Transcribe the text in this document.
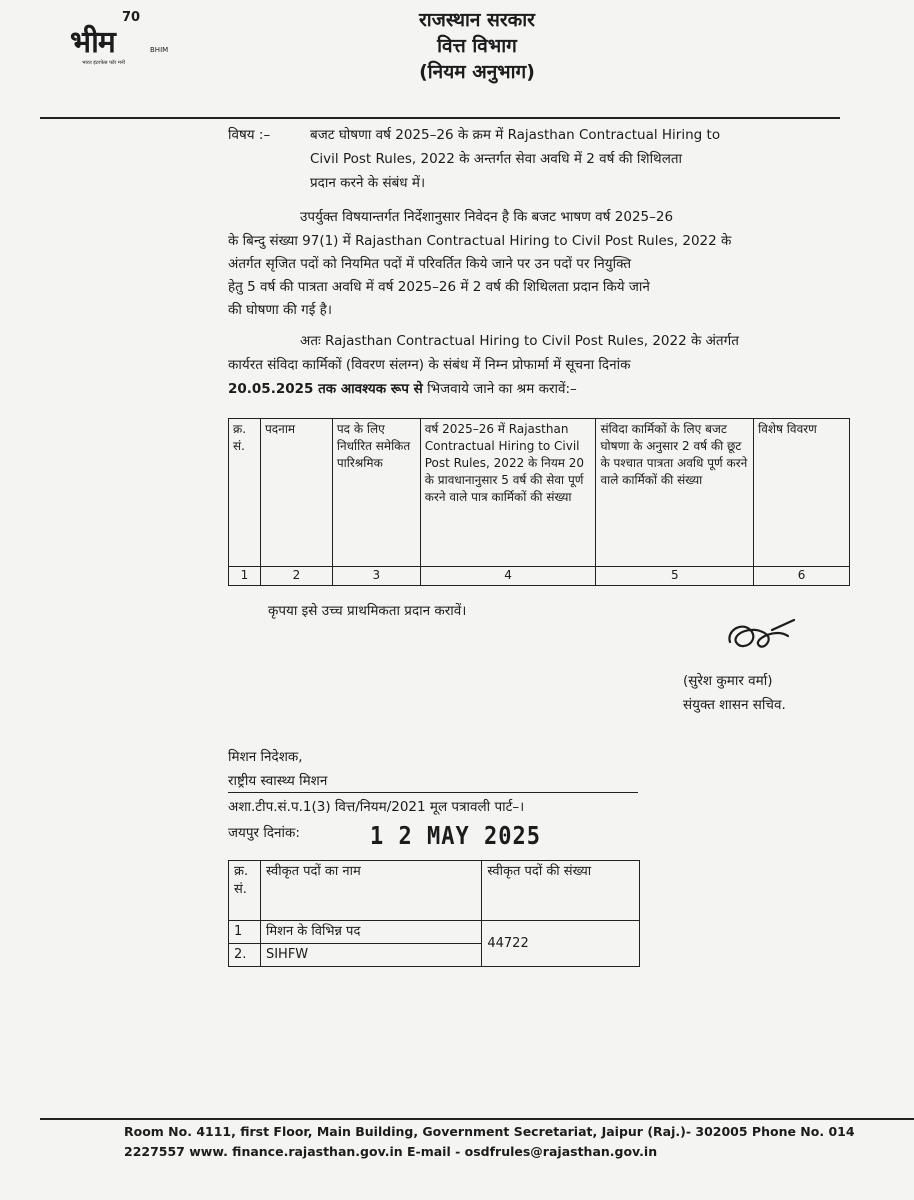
भीम
70
BHIM
भारत इंटरफेस फॉर मनी
राजस्थान सरकार
वित्त विभाग
(नियम अनुभाग)
विषय :–	बजट घोषणा वर्ष 2025–26 के क्रम में Rajasthan Contractual Hiring to
Civil Post Rules, 2022 के अन्तर्गत सेवा अवधि में 2 वर्ष की शिथिलता
प्रदान करने के संबंध में।
उपर्युक्त विषयान्तर्गत निर्देशानुसार निवेदन है कि बजट भाषण वर्ष 2025–26
के बिन्दु संख्या 97(1) में Rajasthan Contractual Hiring to Civil Post Rules, 2022 के
अंतर्गत सृजित पदों को नियमित पदों में परिवर्तित किये जाने पर उन पदों पर नियुक्ति
हेतु 5 वर्ष की पात्रता अवधि में वर्ष 2025–26 में 2 वर्ष की शिथिलता प्रदान किये जाने
की घोषणा की गई है।
अतः Rajasthan Contractual Hiring to Civil Post Rules, 2022 के अंतर्गत
कार्यरत संविदा कार्मिकों (विवरण संलग्न) के संबंध में निम्न प्रोफार्मा में सूचना दिनांक
20.05.2025 तक आवश्यक रूप से भिजवाये जाने का श्रम करावें:–
क्र. सं.	पदनाम	पद के लिए निर्धारित समेकित पारिश्रमिक	वर्ष 2025–26 में Rajasthan Contractual Hiring to Civil Post Rules, 2022 के नियम 20 के प्रावधानानुसार 5 वर्ष की सेवा पूर्ण करने वाले पात्र कार्मिकों की संख्या	संविदा कार्मिकों के लिए बजट घोषणा के अनुसार 2 वर्ष की छूट के पश्चात पात्रता अवधि पूर्ण करने वाले कार्मिकों की संख्या	विशेष विवरण
1	2	3	4	5	6
कृपया इसे उच्च प्राथमिकता प्रदान करावें।
(सुरेश कुमार वर्मा)
संयुक्त शासन सचिव.
मिशन निदेशक,
राष्ट्रीय स्वास्थ्य मिशन
अशा.टीप.सं.प.1(3) वित्त/नियम/2021 मूल पत्रावली पार्ट–।
जयपुर दिनांक:	1 2 MAY 2025
क्र. सं.	स्वीकृत पदों का नाम	स्वीकृत पदों की संख्या
1	मिशन के विभिन्न पद	44722
2.	SIHFW	
Room No. 4111, first Floor, Main Building, Government Secretariat, Jaipur (Raj.)- 302005 Phone No. 014
2227557 www. finance.rajasthan.gov.in E-mail - osdfrules@rajasthan.gov.in
